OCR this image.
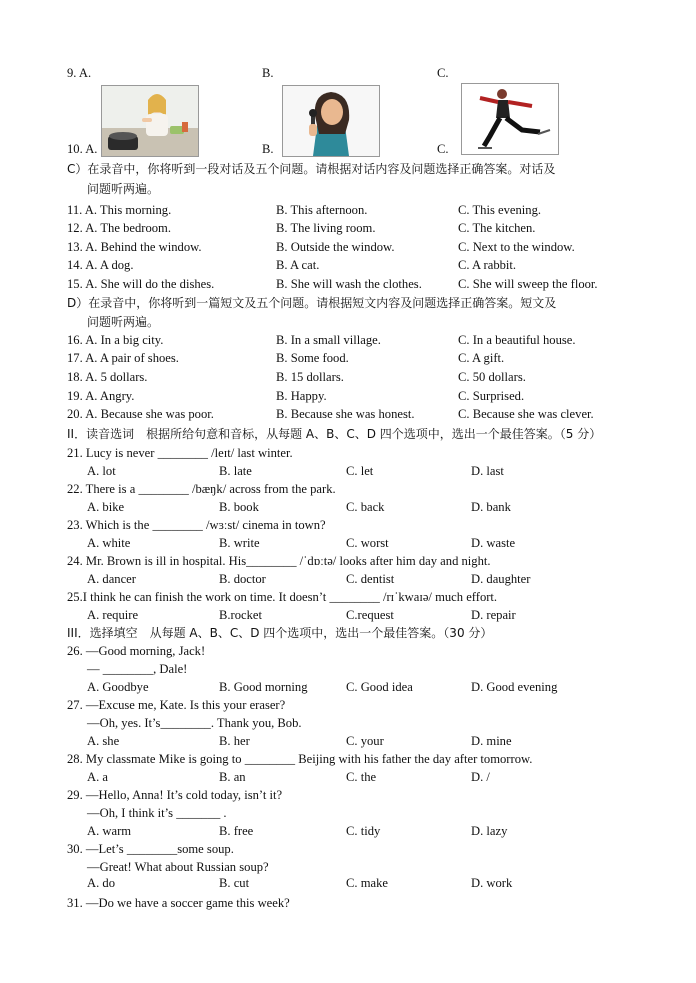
9. A.	B.	C.
10. A.	B.	C.
C）在录音中，你将听到一段对话及五个问题。请根据对话内容及问题选择正确答案。对话及
问题听两遍。
11. A. This morning.	B. This afternoon.	C. This evening.
12. A. The bedroom.	B. The living room.	C. The kitchen.
13. A. Behind the window.	B. Outside the window.	C. Next to the window.
14. A. A dog.	B. A cat.	C. A rabbit.
15. A. She will do the dishes.	B. She will wash the clothes.	C. She will sweep the floor.
D）在录音中，你将听到一篇短文及五个问题。请根据短文内容及问题选择正确答案。短文及
问题听两遍。
16. A. In a big city.	B. In a small village.	C. In a beautiful house.
17. A. A pair of shoes.	B. Some food.	C. A gift.
18. A. 5 dollars.	B. 15 dollars.	C. 50 dollars.
19. A. Angry.	B. Happy.	C. Surprised.
20. A. Because she was poor.	B. Because she was honest.	C. Because she was clever.
II．读音选词　根据所给句意和音标，从每题 A、B、C、D 四个选项中，选出一个最佳答案。（5 分）
21. Lucy is never ________ /leɪt/ last winter.
A. lot	B. late	C. let	D. last
22. There is a ________ /bæŋk/ across from the park.
A. bike	B. book	C. back	D. bank
23. Which is the ________ /wɜːst/ cinema in town?
A. white	B. write	C. worst	D. waste
24. Mr. Brown is ill in hospital. His________ /ˈdɒːtə/ looks after him day and night.
A. dancer	B. doctor	C. dentist	D. daughter
25.I think he can finish the work on time. It doesn’t ________ /rɪˈkwaɪə/ much effort.
A. require	B.rocket	C.request	D. repair
III．选择填空　从每题 A、B、C、D 四个选项中，选出一个最佳答案。（30 分）
26. —Good morning, Jack!
— ________, Dale!
A. Goodbye	B. Good morning	C. Good idea	D. Good evening
27. —Excuse me, Kate. Is this your eraser?
—Oh, yes. It’s________. Thank you, Bob.
A. she	B. her	C. your	D. mine
28. My classmate Mike is going to ________ Beijing with his father the day after tomorrow.
A. a	B. an	C. the	D. /
29. —Hello, Anna! It’s cold today, isn’t it?
—Oh, I think it’s _______ .
A. warm	B. free	C. tidy	D. lazy
30. —Let’s ________some soup.
—Great! What about Russian soup?
A. do	B. cut	C. make	D. work
31. —Do we have a soccer game this week?
